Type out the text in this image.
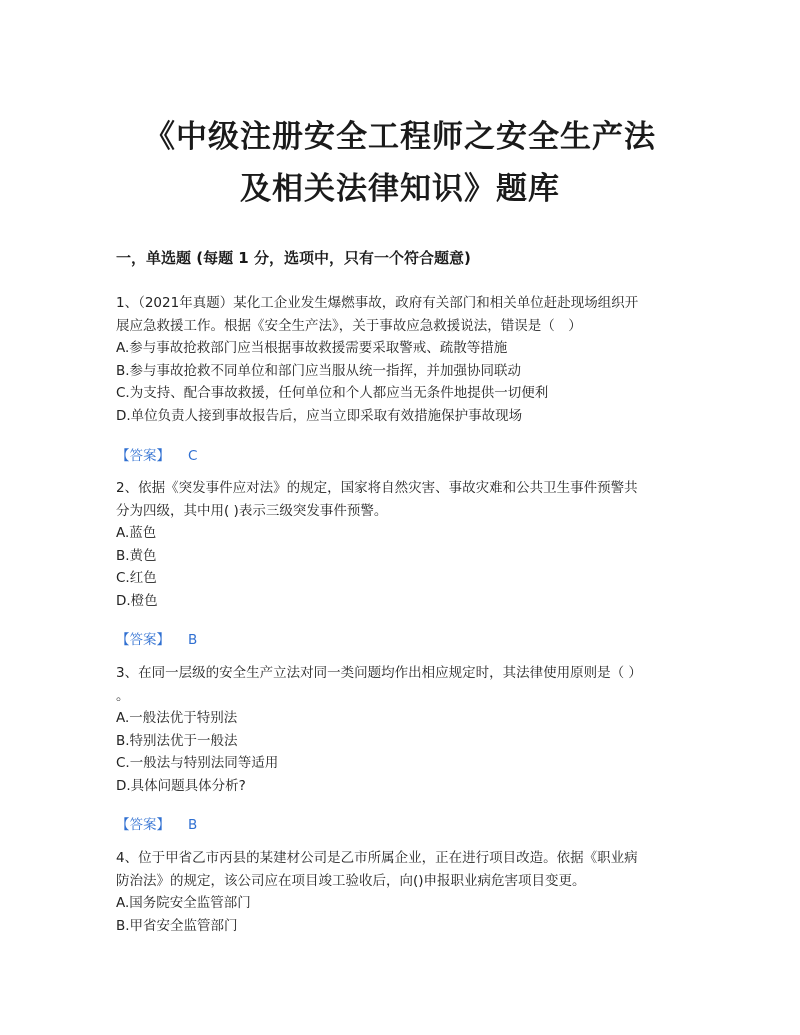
《中级注册安全工程师之安全生产法
及相关法律知识》题库
一，单选题 (每题 1 分，选项中，只有一个符合题意)

1、（2021年真题）某化工企业发生爆燃事故，政府有关部门和相关单位赶赴现场组织开

展应急救援工作。根据《安全生产法》，关于事故应急救援说法，错误是（　）

A.参与事故抢救部门应当根据事故救援需要采取警戒、疏散等措施

B.参与事故抢救不同单位和部门应当服从统一指挥，并加强协同联动

C.为支持、配合事故救援，任何单位和个人都应当无条件地提供一切便利

D.单位负责人接到事故报告后，应当立即采取有效措施保护事故现场

【答案】 C

2、依据《突发事件应对法》的规定，国家将自然灾害、事故灾难和公共卫生事件预警共

分为四级，其中用( )表示三级突发事件预警。

A.蓝色

B.黄色

C.红色

D.橙色

【答案】 B

3、在同一层级的安全生产立法对同一类问题均作出相应规定时，其法律使用原则是（ ）

。

A.一般法优于特别法

B.特别法优于一般法

C.一般法与特别法同等适用

D.具体问题具体分析?

【答案】 B

4、位于甲省乙市丙县的某建材公司是乙市所属企业，正在进行项目改造。依据《职业病

防治法》的规定，该公司应在项目竣工验收后，向()申报职业病危害项目变更。

A.国务院安全监管部门

B.甲省安全监管部门
